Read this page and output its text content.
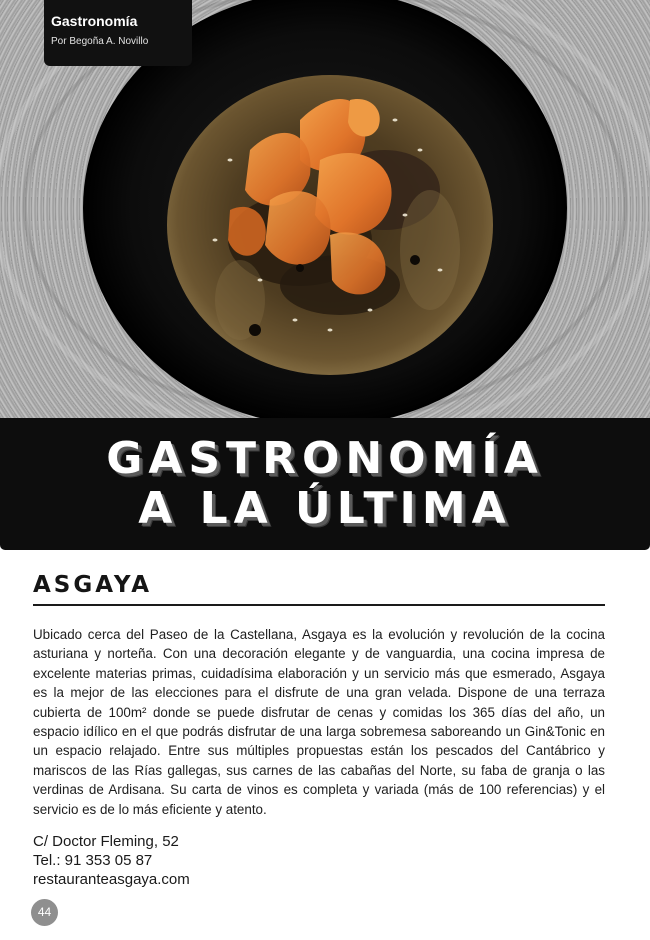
Gastronomía
Por Begoña A. Novillo
GASTRONOMÍA
A LA ÚLTIMA
ASGAYA

Ubicado cerca del Paseo de la Castellana, Asgaya es la evolución y revolución de la cocina asturiana y norteña. Con una decoración elegante y de vanguardia, una cocina impresa de excelente materias primas, cuidadísima elaboración y un servicio más que esmerado, Asgaya es la mejor de las elecciones para el disfrute de una gran velada. Dispone de una terraza cubierta de 100m² donde se puede disfrutar de cenas y comidas los 365 días del año, un espacio idílico en el que podrás disfrutar de una larga sobremesa saboreando un Gin&Tonic en un espacio relajado. Entre sus múltiples propuestas están los pescados del Cantábrico y mariscos de las Rías gallegas, sus carnes de las cabañas del Norte, su faba de granja o las verdinas de Ardisana. Su carta de vinos es completa y variada (más de 100 referencias) y el servicio es de lo más eficiente y atento.

C/ Doctor Fleming, 52
Tel.: 91 353 05 87
restauranteasgaya.com
44
